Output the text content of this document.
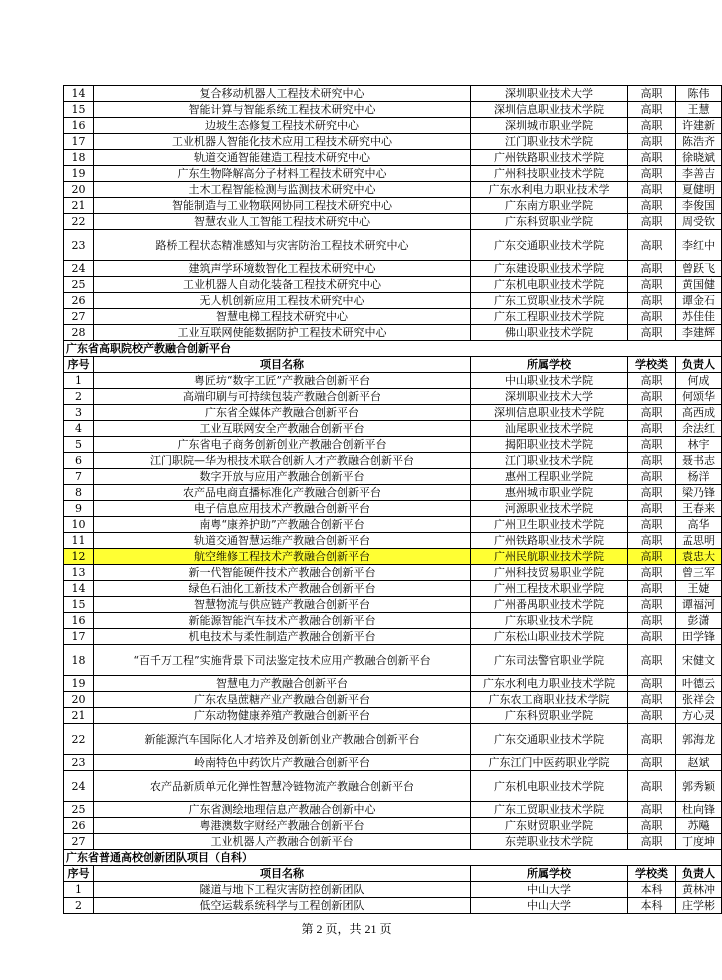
14	复合移动机器人工程技术研究中心	深圳职业技术大学	高职	陈伟
15	智能计算与智能系统工程技术研究中心	深圳信息职业技术学院	高职	王慧
16	边坡生态修复工程技术研究中心	深圳城市职业学院	高职	许建新
17	工业机器人智能化技术应用工程技术研究中心	江门职业技术学院	高职	陈浩齐
18	轨道交通智能建造工程技术研究中心	广州铁路职业技术学院	高职	徐晓斌
19	广东生物降解高分子材料工程技术研究中心	广州科技职业技术学院	高职	李善吉
20	土木工程智能检测与监测技术研究中心	广东水利电力职业技术学	高职	夏健明
21	智能制造与工业物联网协同工程技术研究中心	广东南方职业学院	高职	李俊国
22	智慧农业人工智能工程技术研究中心	广东科贸职业学院	高职	周受钦
23	路桥工程状态精准感知与灾害防治工程技术研究中心	广东交通职业技术学院	高职	李红中
24	建筑声学环境数智化工程技术研究中心	广东建设职业技术学院	高职	曾跃飞
25	工业机器人自动化装备工程技术研究中心	广东机电职业技术学院	高职	黄国健
26	无人机创新应用工程技术研究中心	广东工贸职业技术学院	高职	谭金石
27	智慧电梯工程技术研究中心	广东工程职业技术学院	高职	苏佳佳
28	工业互联网使能数据防护工程技术研究中心	佛山职业技术学院	高职	李建辉
广东省高职院校产教融合创新平台				
序号	项目名称	所属学校	学校类	负责人
1	粤匠坊“数字工匠”产教融合创新平台	中山职业技术学院	高职	何成
2	高端印刷与可持续包装产教融合创新平台	深圳职业技术大学	高职	何颂华
3	广东省全媒体产教融合创新平台	深圳信息职业技术学院	高职	高西成
4	工业互联网安全产教融合创新平台	汕尾职业技术学院	高职	余法红
5	广东省电子商务创新创业产教融合创新平台	揭阳职业技术学院	高职	林宇
6	江门职院—华为根技术联合创新人才产教融合创新平台	江门职业技术学院	高职	聂书志
7	数字开放与应用产教融合创新平台	惠州工程职业学院	高职	杨洋
8	农产品电商直播标准化产教融合创新平台	惠州城市职业学院	高职	梁乃锋
9	电子信息应用技术产教融合创新平台	河源职业技术学院	高职	王春来
10	南粤“康养护助”产教融合创新平台	广州卫生职业技术学院	高职	高华
11	轨道交通智慧运维产教融合创新平台	广州铁路职业技术学院	高职	孟思明
12	航空维修工程技术产教融合创新平台	广州民航职业技术学院	高职	袁忠大
13	新一代智能硬件技术产教融合创新平台	广州科技贸易职业学院	高职	曾三军
14	绿色石油化工新技术产教融合创新平台	广州工程技术职业学院	高职	王婕
15	智慧物流与供应链产教融合创新平台	广州番禺职业技术学院	高职	谭福河
16	新能源智能汽车技术产教融合创新平台	广东职业技术学院	高职	彭潇
17	机电技术与柔性制造产教融合创新平台	广东松山职业技术学院	高职	田学锋
18	“百千万工程”实施背景下司法鉴定技术应用产教融合创新平台	广东司法警官职业学院	高职	宋健文
19	智慧电力产教融合创新平台	广东水利电力职业技术学院	高职	叶德云
20	广东农垦蔗糖产业产教融合创新平台	广东农工商职业技术学院	高职	张祥会
21	广东动物健康养殖产教融合创新平台	广东科贸职业学院	高职	方心灵
22	新能源汽车国际化人才培养及创新创业产教融合创新平台	广东交通职业技术学院	高职	郭海龙
23	岭南特色中药饮片产教融合创新平台	广东江门中医药职业学院	高职	赵斌
24	农产品新质单元化弹性智慧冷链物流产教融合创新平台	广东机电职业技术学院	高职	郭秀颖
25	广东省测绘地理信息产教融合创新中心	广东工贸职业技术学院	高职	杜向锋
26	粤港澳数字财经产教融合创新平台	广东财贸职业学院	高职	苏飚
27	工业机器人产教融合创新平台	东莞职业技术学院	高职	丁度坤
广东省普通高校创新团队项目（自科）				
序号	项目名称	所属学校	学校类	负责人
1	隧道与地下工程灾害防控创新团队	中山大学	本科	黄林冲
2	低空运载系统科学与工程创新团队	中山大学	本科	庄学彬
第 2 页，共 21 页
